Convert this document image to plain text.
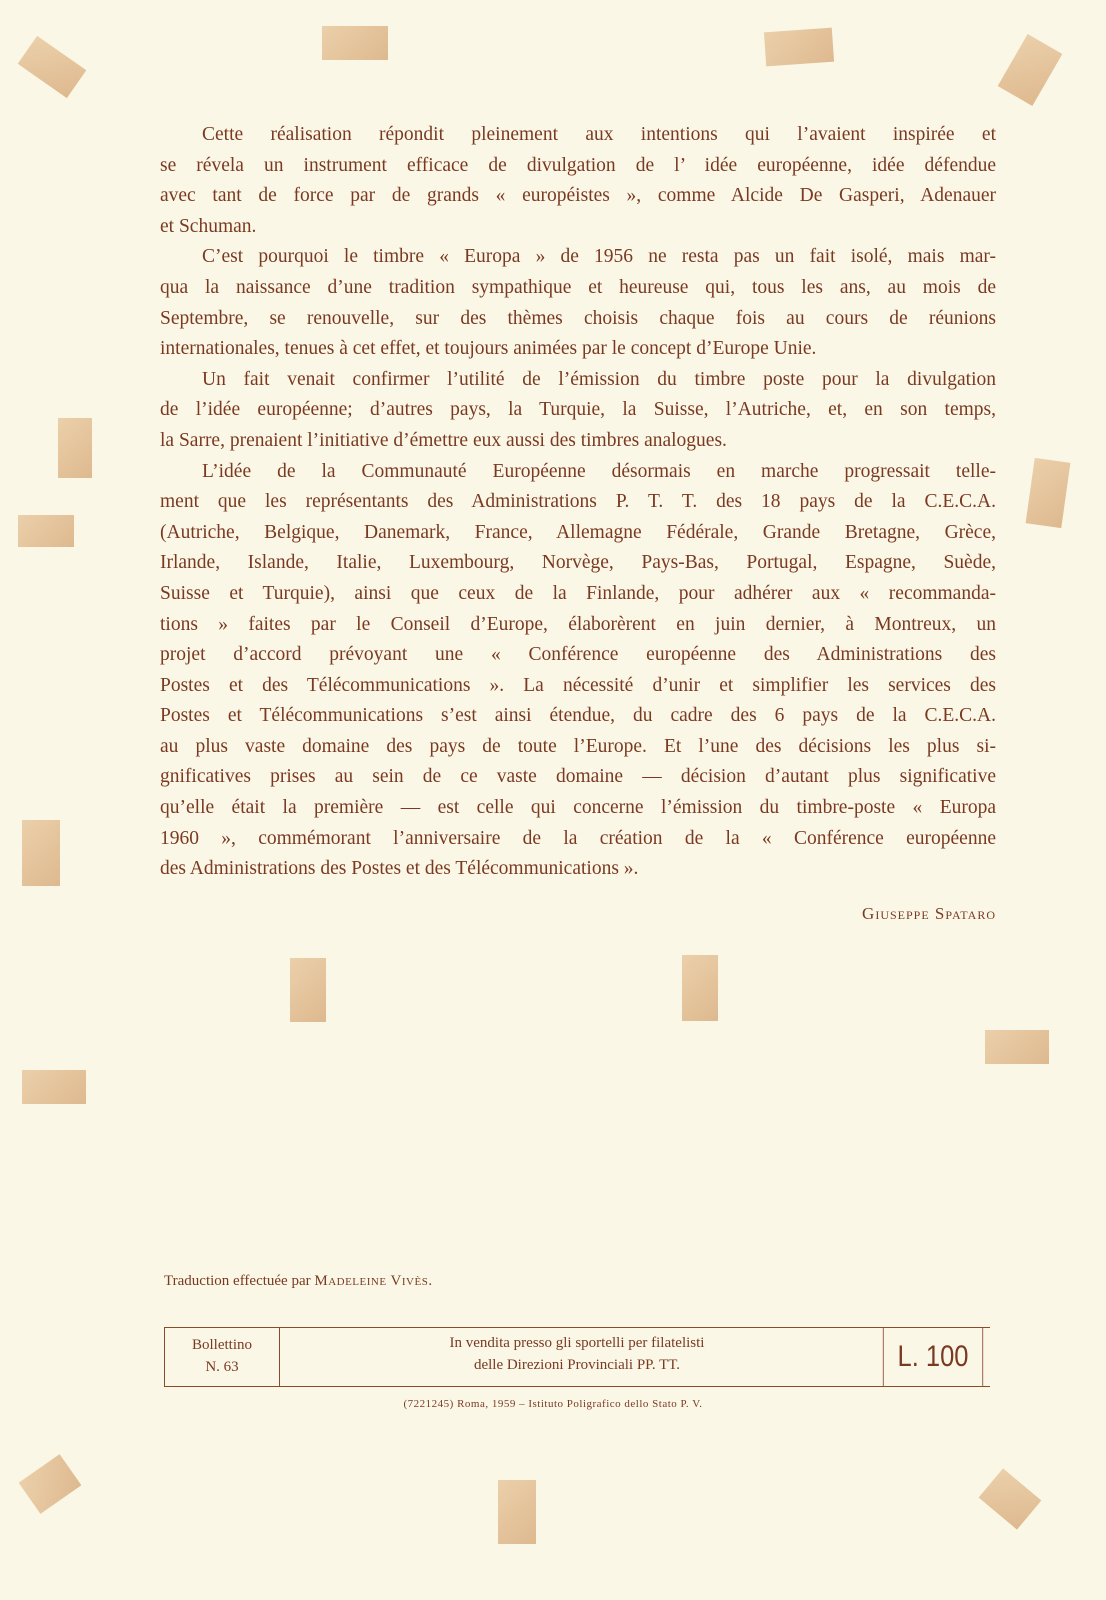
Cette réalisation répondit pleinement aux intentions qui l’avaient inspirée et
se révela un instrument efficace de divulgation de l’ idée européenne, idée défendue
avec tant de force par de grands « européistes », comme Alcide De Gasperi, Adenauer
et Schuman.
C’est pourquoi le timbre « Europa » de 1956 ne resta pas un fait isolé, mais mar-
qua la naissance d’une tradition sympathique et heureuse qui, tous les ans, au mois de
Septembre, se renouvelle, sur des thèmes choisis chaque fois au cours de réunions
internationales, tenues à cet effet, et toujours animées par le concept d’Europe Unie.
Un fait venait confirmer l’utilité de l’émission du timbre poste pour la divulgation
de l’idée européenne; d’autres pays, la Turquie, la Suisse, l’Autriche, et, en son temps,
la Sarre, prenaient l’initiative d’émettre eux aussi des timbres analogues.
L’idée de la Communauté Européenne désormais en marche progressait telle-
ment que les représentants des Administrations P. T. T. des 18 pays de la C.E.C.A.
(Autriche, Belgique, Danemark, France, Allemagne Fédérale, Grande Bretagne, Grèce,
Irlande, Islande, Italie, Luxembourg, Norvège, Pays-Bas, Portugal, Espagne, Suède,
Suisse et Turquie), ainsi que ceux de la Finlande, pour adhérer aux « recommanda-
tions » faites par le Conseil d’Europe, élaborèrent en juin dernier, à Montreux, un
projet d’accord prévoyant une « Conférence européenne des Administrations des
Postes et des Télécommunications ». La nécessité d’unir et simplifier les services des
Postes et Télécommunications s’est ainsi étendue, du cadre des 6 pays de la C.E.C.A.
au plus vaste domaine des pays de toute l’Europe. Et l’une des décisions les plus si-
gnificatives prises au sein de ce vaste domaine — décision d’autant plus significative
qu’elle était la première — est celle qui concerne l’émission du timbre-poste « Europa
1960 », commémorant l’anniversaire de la création de la « Conférence européenne
des Administrations des Postes et des Télécommunications ».
Giuseppe Spataro
Traduction effectuée par Madeleine Vivès.
Bollettino
N. 63
In vendita presso gli sportelli per filatelisti
delle Direzioni Provinciali PP. TT.	L. 100
(7221245) Roma, 1959 – Istituto Poligrafico dello Stato P. V.
